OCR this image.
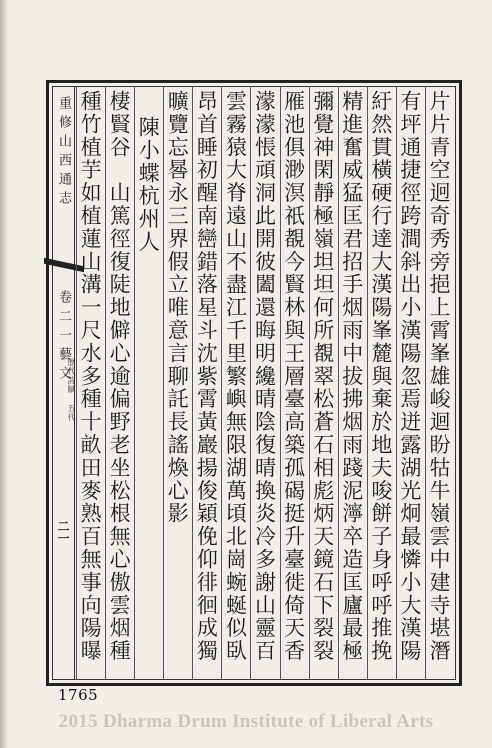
重修山西通志
卷二一藝文
歷代詩賦 五代
二一
片片青空迥奇秀旁挹上霄峯雄峻迴盼牯牛嶺雲中建寺堪潛
有坪通捷徑跨澗斜出小漢陽忽焉迸露湖光炯最憐小大漢陽
紆然貫橫硬行達大漢陽峯麓與棄於地夫唆餅子身呼呼推挽
精進奮威猛匡君招手烟雨中拔拂烟雨踐泥濘卒造匡廬最極
彌覺神閑靜極嶺坦坦何所覩翠松蒼石相彪炳天鏡石下裂裂
雁池俱渺溟祇覩今賢林與王層臺高築孤碣挺升臺徙倚天香
濛濛悵頑洞此開彼闔還晦明纔晴陰復晴換炎冷多謝山靈百
雲霧猿大脊遠山不盡江千里繁嶼無限湖萬頃北崗蜿蜒似臥
昂首睡初醒南巒錯落星斗沈紫霄黃巖揚俊穎俛仰徘徊成獨
曠覽忘晷永三界假立唯意言聊託長謠煥心影
陳小蝶杭州人
棲賢谷　山篤徑復陡地僻心逾偏野老坐松根無心傲雲烟種
種竹植芋如植蓮山溝一尺水多種十畝田麥熟百無事向陽曝
1765
2015 Dharma Drum Institute of Liberal Arts
